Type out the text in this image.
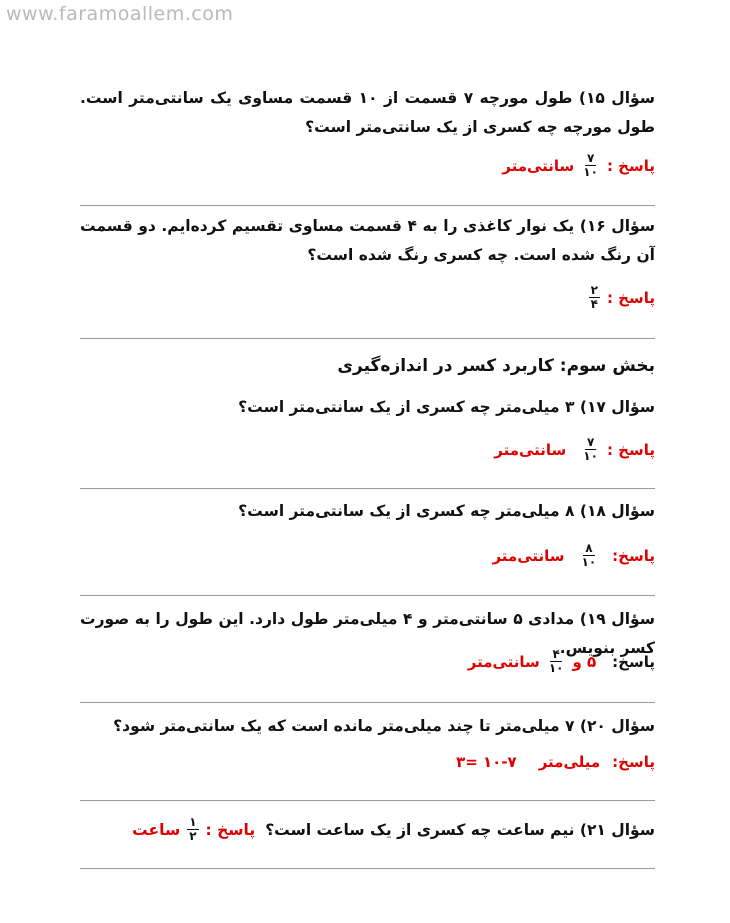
www.faramoallem.com
سؤال ۱۵) طول مورچه ۷ قسمت از ۱۰ قسمت مساوی یک سانتی‌متر است. طول مورچه چه کسری از یک سانتی‌متر است؟
پاسخ :
$\frac{۷}{۱۰}$
سانتی‌متر
سؤال ۱۶) یک نوار کاغذی را به ۴ قسمت مساوی تقسیم کرده‌ایم. دو قسمت آن رنگ شده است. چه کسری رنگ شده است؟
پاسخ :
$\frac{۲}{۴}$
بخش سوم: کاربرد کسر در اندازه‌گیری
سؤال ۱۷) ۳ میلی‌متر چه کسری از یک سانتی‌متر است؟
پاسخ :
$\frac{۷}{۱۰}$
سانتی‌متر
سؤال ۱۸) ۸ میلی‌متر چه کسری از یک سانتی‌متر است؟
پاسخ:
$\frac{۸}{۱۰}$
سانتی‌متر
سؤال ۱۹) مدادی ۵ سانتی‌متر و ۴ میلی‌متر طول دارد. این طول را به صورت کسر بنویس.
پاسخ:
۵ و
$\frac{۴}{۱۰}$
سانتی‌متر
سؤال ۲۰) ۷ میلی‌متر تا چند میلی‌متر مانده است که یک سانتی‌متر شود؟
پاسخ:
میلی‌متر
۱۰-۷ =۳
سؤال ۲۱) نیم ساعت چه کسری از یک ساعت است؟
پاسخ :
$\frac{۱}{۲}$
ساعت
